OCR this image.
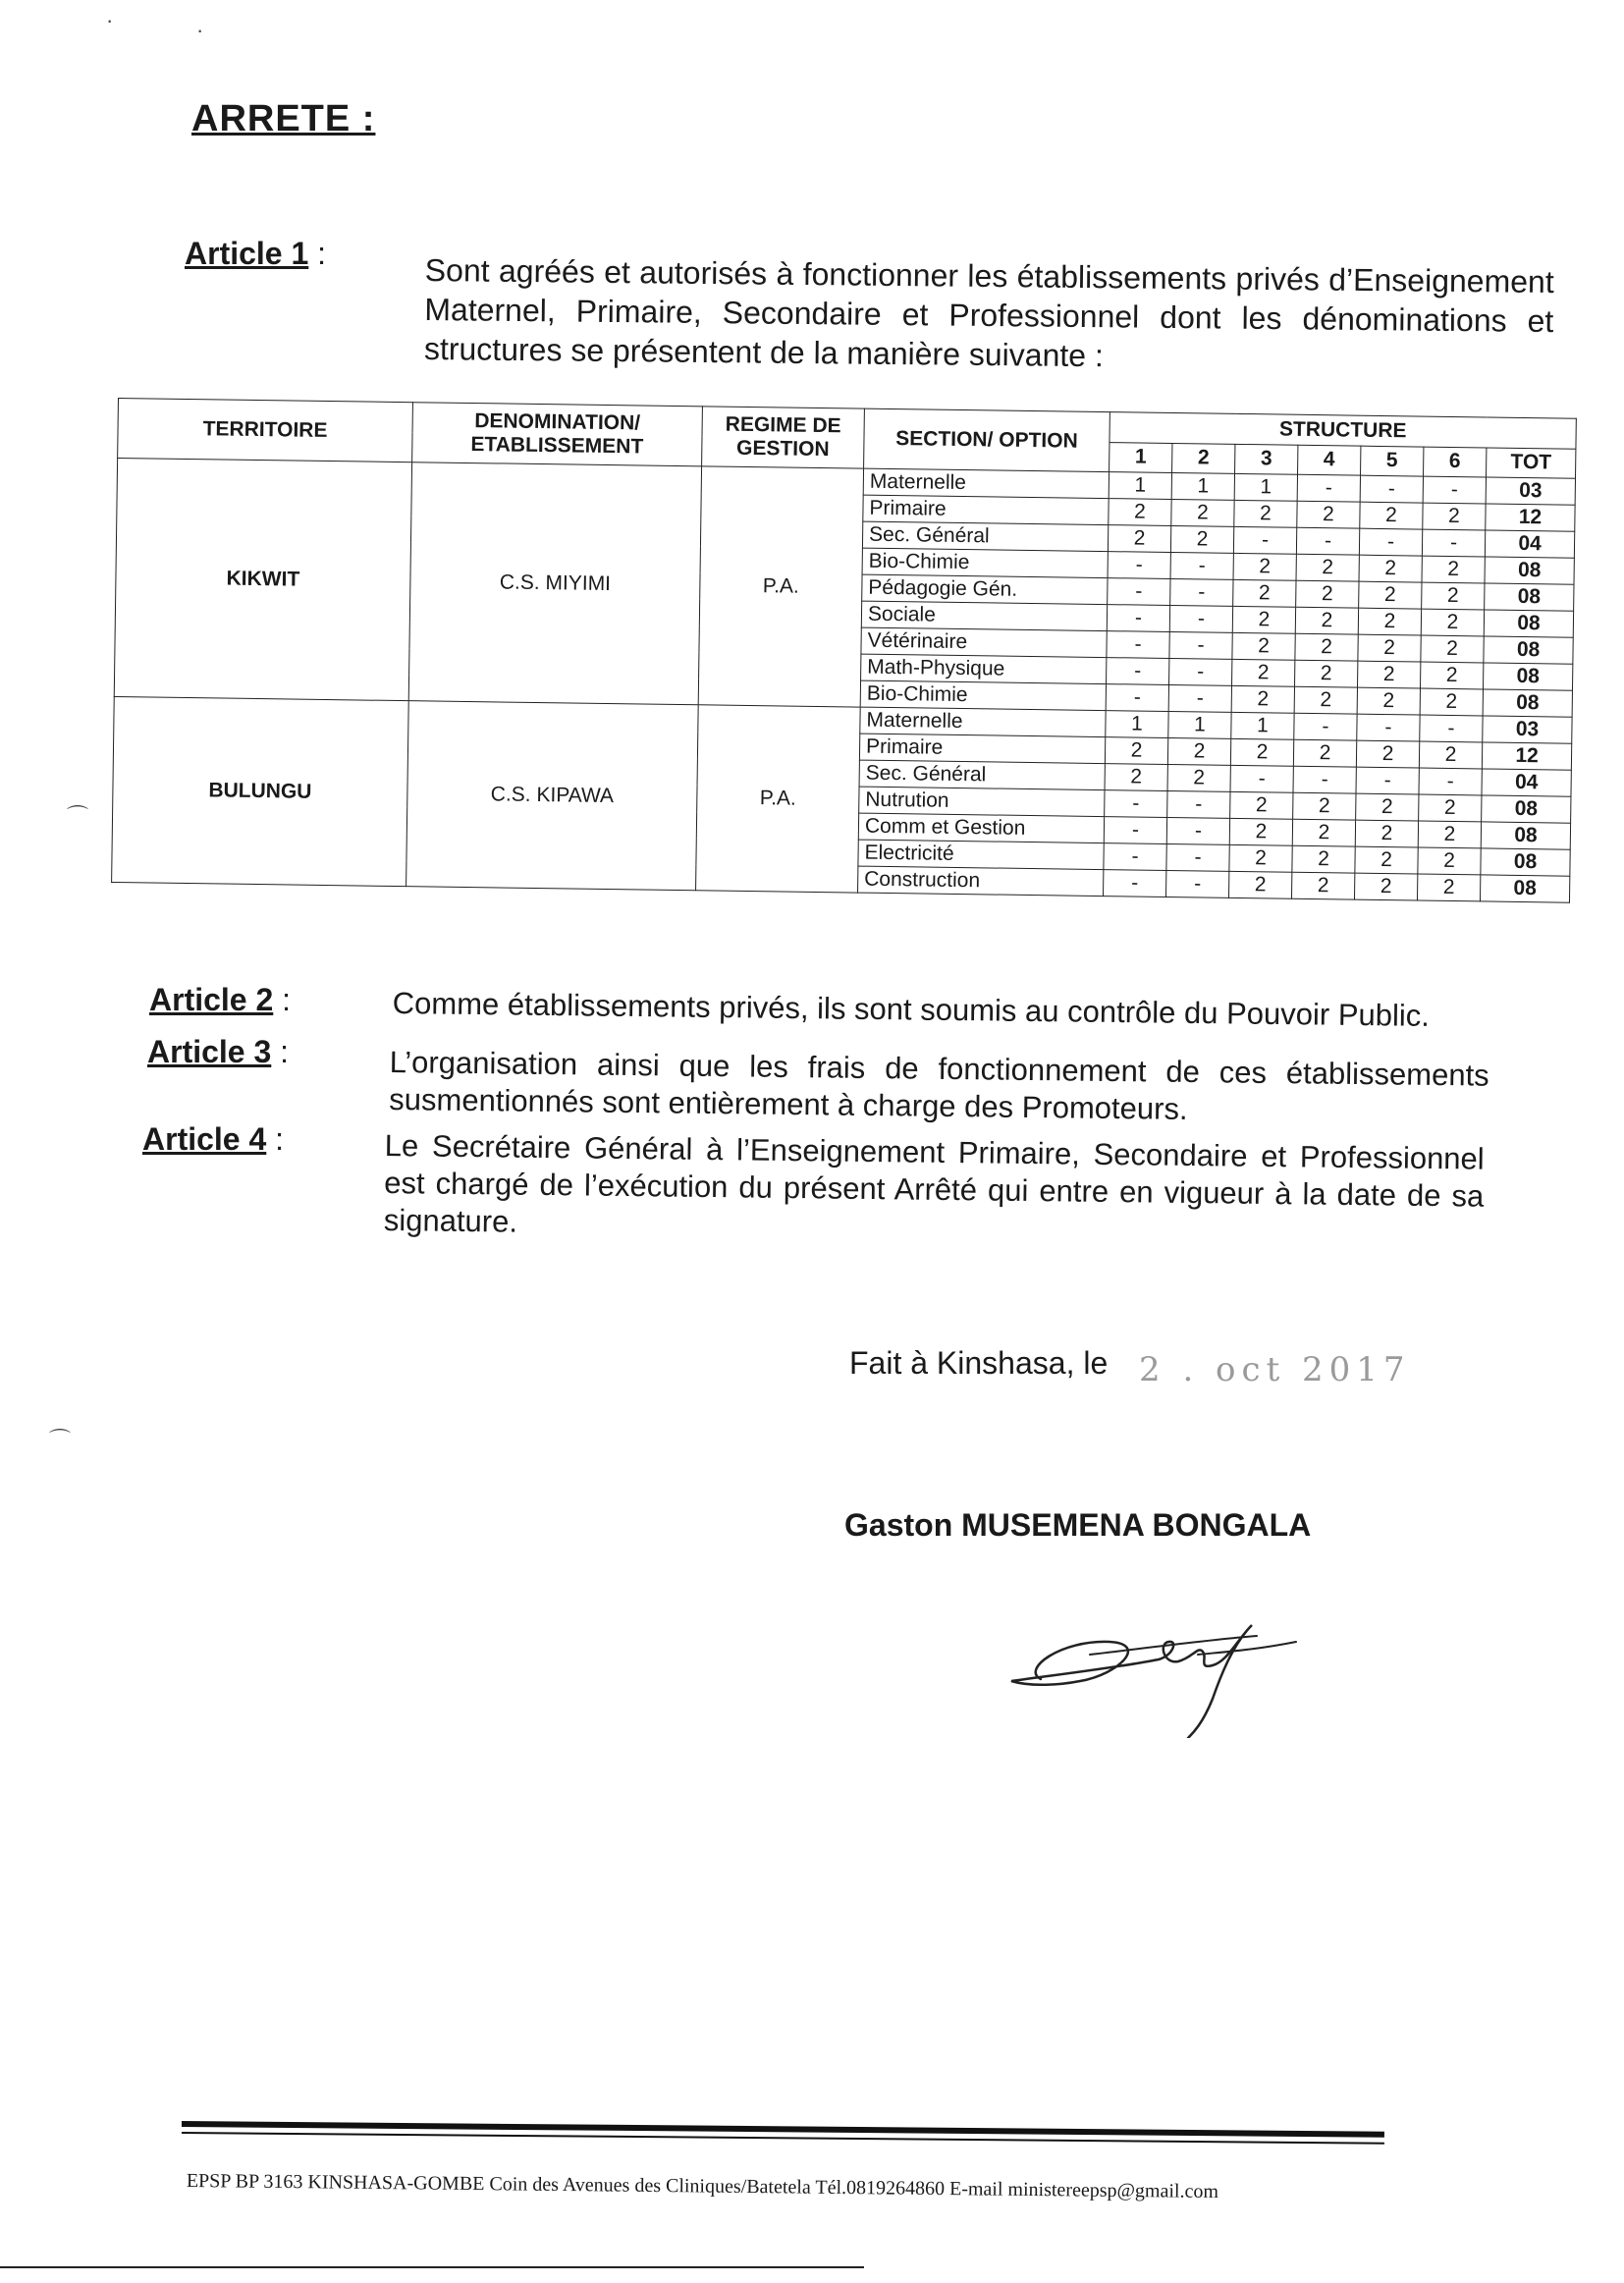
ARRETE :
Article 1 :	Sont agréés et autorisés à fonctionner les établissements privés d’Enseignement Maternel, Primaire, Secondaire et Professionnel dont les dénominations et structures se présentent de la manière suivante :
TERRITOIRE	DENOMINATION/ ETABLISSEMENT	REGIME DE GESTION	SECTION/ OPTION	STRUCTURE						
				1	2	3	4	5	6	TOT
KIKWIT	C.S. MIYIMI	P.A.	Maternelle	1	1	1	-	-	-	03
			Primaire	2	2	2	2	2	2	12
			Sec. Général	2	2	-	-	-	-	04
			Bio-Chimie	-	-	2	2	2	2	08
			Pédagogie Gén.	-	-	2	2	2	2	08
			Sociale	-	-	2	2	2	2	08
			Vétérinaire	-	-	2	2	2	2	08
			Math-Physique	-	-	2	2	2	2	08
			Bio-Chimie	-	-	2	2	2	2	08
BULUNGU	C.S. KIPAWA	P.A.	Maternelle	1	1	1	-	-	-	03
			Primaire	2	2	2	2	2	2	12
			Sec. Général	2	2	-	-	-	-	04
			Nutrution	-	-	2	2	2	2	08
			Comm et Gestion	-	-	2	2	2	2	08
			Electricité	-	-	2	2	2	2	08
			Construction	-	-	2	2	2	2	08
Article 2 :	Comme établissements privés, ils sont soumis au contrôle du Pouvoir Public.
Article 3 :	L’organisation ainsi que les frais de fonctionnement de ces établissements susmentionnés sont entièrement à charge des Promoteurs.
Article 4 :	Le Secrétaire Général à l’Enseignement Primaire, Secondaire et Professionnel est chargé de l’exécution du présent Arrêté qui entre en vigueur à la date de sa signature.
Fait à Kinshasa, le 2 . oct 2017
Gaston MUSEMENA BONGALA
EPSP BP 3163 KINSHASA-GOMBE Coin des Avenues des Cliniques/Batetela Tél.0819264860 E-mail ministereepsp@gmail.com
·	·
⌒
⌒
